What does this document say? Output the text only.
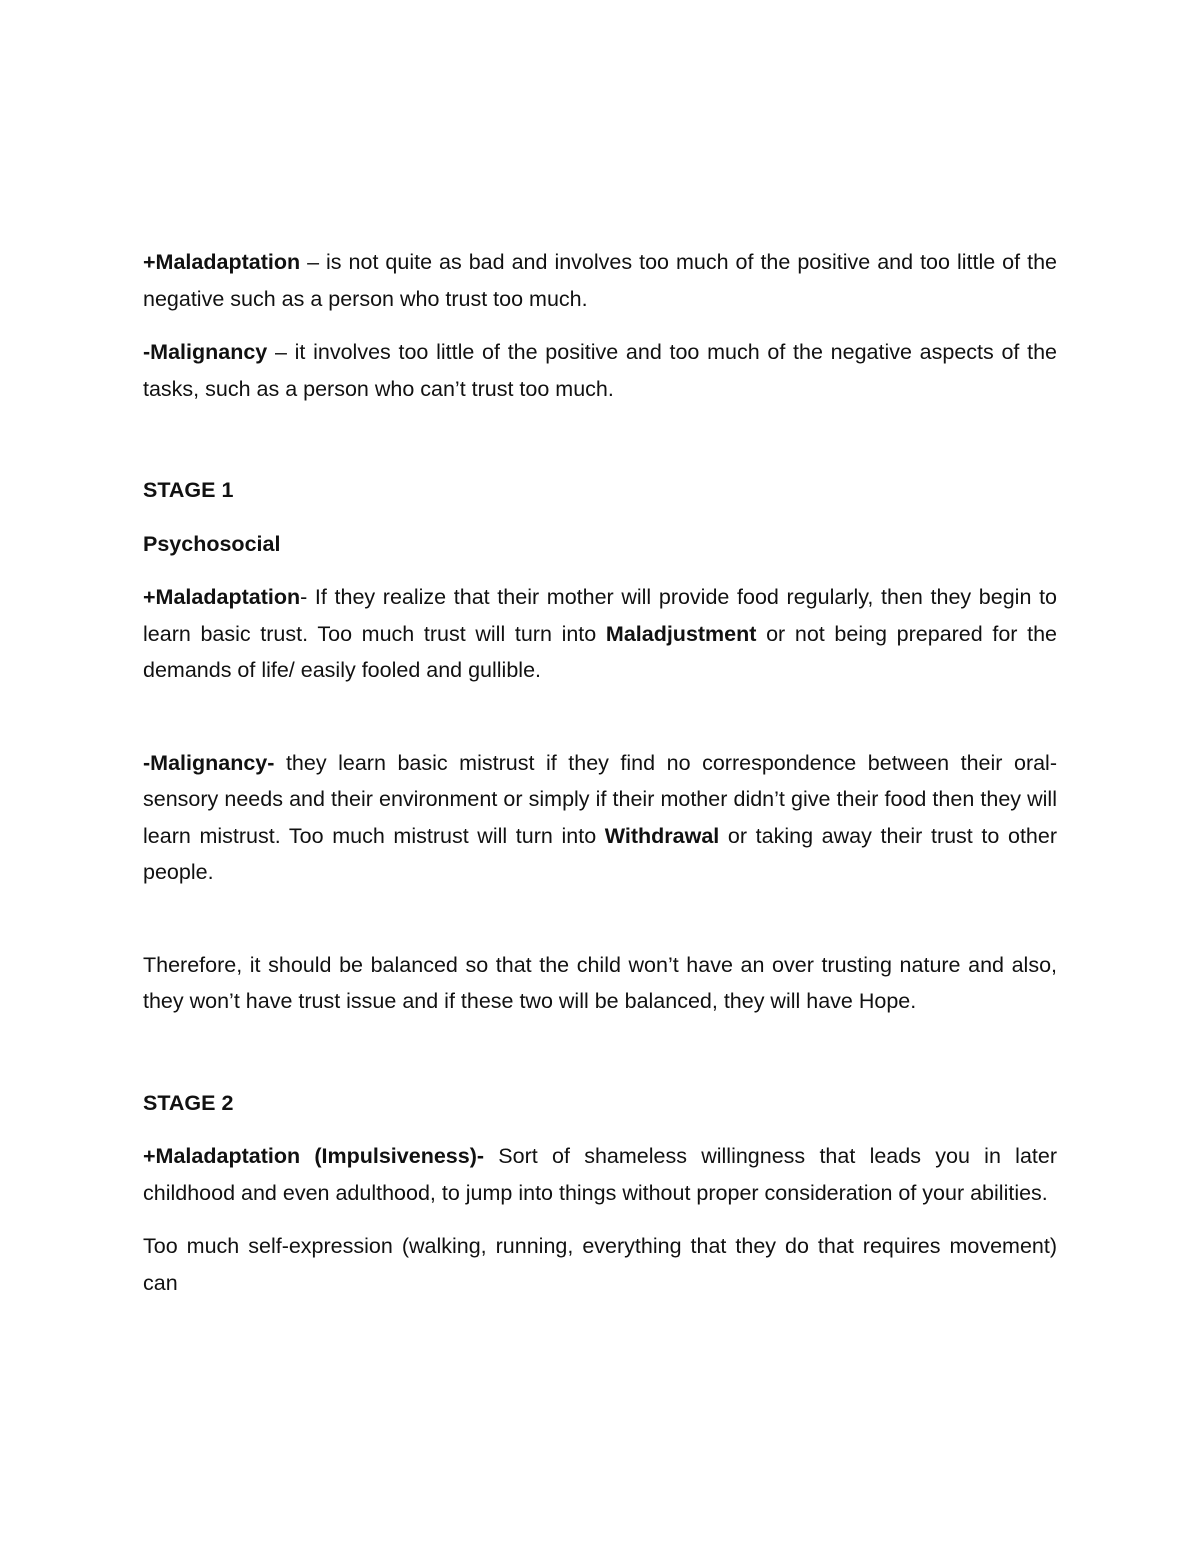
+Maladaptation – is not quite as bad and involves too much of the positive and too little of the negative such as a person who trust too much.

-Malignancy – it involves too little of the positive and too much of the negative aspects of the tasks, such as a person who can’t trust too much.

STAGE 1
Psychosocial

+Maladaptation- If they realize that their mother will provide food regularly, then they begin to learn basic trust. Too much trust will turn into Maladjustment or not being prepared for the demands of life/ easily fooled and gullible.

-Malignancy- they learn basic mistrust if they find no correspondence between their oral-sensory needs and their environment or simply if their mother didn’t give their food then they will learn mistrust. Too much mistrust will turn into Withdrawal or taking away their trust to other people.

Therefore, it should be balanced so that the child won’t have an over trusting nature and also, they won’t have trust issue and if these two will be balanced, they will have Hope.

STAGE 2

+Maladaptation (Impulsiveness)- Sort of shameless willingness that leads you in later childhood and even adulthood, to jump into things without proper consideration of your abilities.

Too much self-expression (walking, running, everything that they do that requires movement) can
